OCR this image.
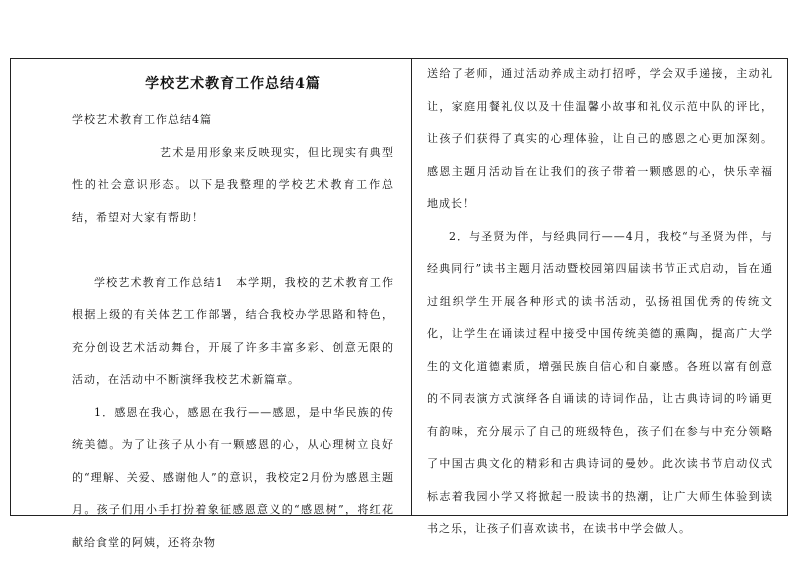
学校艺术教育工作总结4篇

学校艺术教育工作总结4篇

艺术是用形象来反映现实，但比现实有典型性的社会意识形态。以下是我整理的学校艺术教育工作总结，希望对大家有帮助！

学校艺术教育工作总结1　本学期，我校的艺术教育工作根据上级的有关体艺工作部署，结合我校办学思路和特色，充分创设艺术活动舞台，开展了许多丰富多彩、创意无限的活动，在活动中不断演绎我校艺术新篇章。

1．感恩在我心，感恩在我行——感恩，是中华民族的传统美德。为了让孩子从小有一颗感恩的心，从心理树立良好的“理解、关爱、感谢他人”的意识，我校定2月份为感恩主题月。孩子们用小手打扮着象征感恩意义的“感恩树”，将红花献给食堂的阿姨，还将杂物

送给了老师，通过活动养成主动打招呼，学会双手递接，主动礼让，家庭用餐礼仪以及十佳温馨小故事和礼仪示范中队的评比，让孩子们获得了真实的心理体验，让自己的感恩之心更加深刻。感恩主题月活动旨在让我们的孩子带着一颗感恩的心，快乐幸福地成长！

2．与圣贤为伴，与经典同行——4月，我校“与圣贤为伴，与经典同行”读书主题月活动暨校园第四届读书节正式启动，旨在通过组织学生开展各种形式的读书活动，弘扬祖国优秀的传统文化，让学生在诵读过程中接受中国传统美德的熏陶，提高广大学生的文化道德素质，增强民族自信心和自豪感。各班以富有创意的不同表演方式演绎各自诵读的诗词作品，让古典诗词的吟诵更有韵味，充分展示了自己的班级特色，孩子们在参与中充分领略了中国古典文化的精彩和古典诗词的曼妙。此次读书节启动仪式标志着我园小学又将掀起一股读书的热潮，让广大师生体验到读书之乐，让孩子们喜欢读书，在读书中学会做人。
